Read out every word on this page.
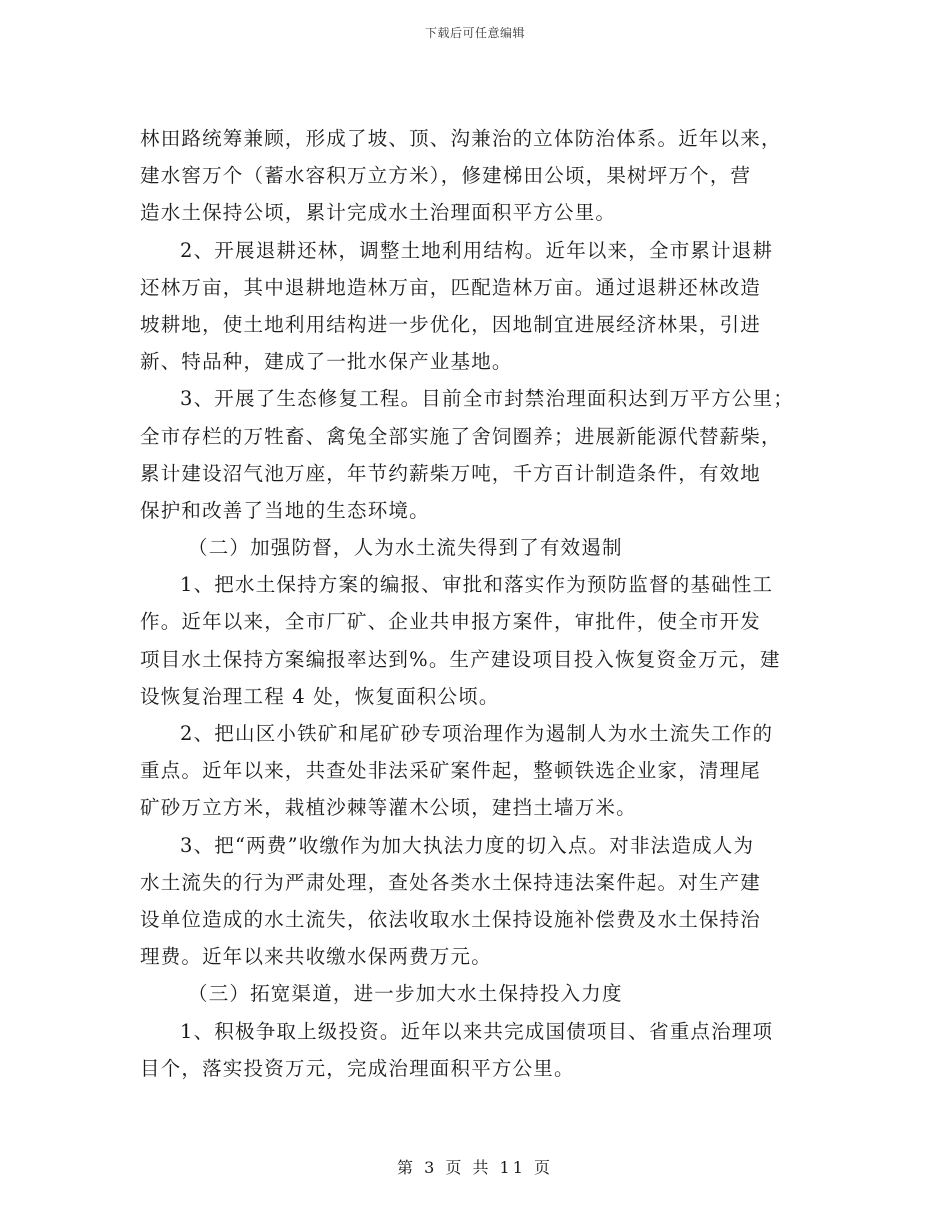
下载后可任意编辑
林田路统筹兼顾，形成了坡、顶、沟兼治的立体防治体系。近年以来，
建水窖万个（蓄水容积万立方米），修建梯田公顷，果树坪万个，营
造水土保持公顷，累计完成水土治理面积平方公里。
2、开展退耕还林，调整土地利用结构。近年以来，全市累计退耕
还林万亩，其中退耕地造林万亩，匹配造林万亩。通过退耕还林改造
坡耕地，使土地利用结构进一步优化，因地制宜进展经济林果，引进
新、特品种，建成了一批水保产业基地。
3、开展了生态修复工程。目前全市封禁治理面积达到万平方公里；
全市存栏的万牲畜、禽兔全部实施了舍饲圈养；进展新能源代替薪柴，
累计建设沼气池万座，年节约薪柴万吨，千方百计制造条件，有效地
保护和改善了当地的生态环境。
（二）加强防督，人为水土流失得到了有效遏制
1、把水土保持方案的编报、审批和落实作为预防监督的基础性工
作。近年以来，全市厂矿、企业共申报方案件，审批件，使全市开发
项目水土保持方案编报率达到%。生产建设项目投入恢复资金万元，建
设恢复治理工程 4 处，恢复面积公顷。
2、把山区小铁矿和尾矿砂专项治理作为遏制人为水土流失工作的
重点。近年以来，共查处非法采矿案件起，整顿铁选企业家，清理尾
矿砂万立方米，栽植沙棘等灌木公顷，建挡土墙万米。
3、把“两费”收缴作为加大执法力度的切入点。对非法造成人为
水土流失的行为严肃处理，查处各类水土保持违法案件起。对生产建
设单位造成的水土流失，依法收取水土保持设施补偿费及水土保持治
理费。近年以来共收缴水保两费万元。
（三）拓宽渠道，进一步加大水土保持投入力度
1、积极争取上级投资。近年以来共完成国债项目、省重点治理项
目个，落实投资万元，完成治理面积平方公里。
第 3 页 共 11 页
